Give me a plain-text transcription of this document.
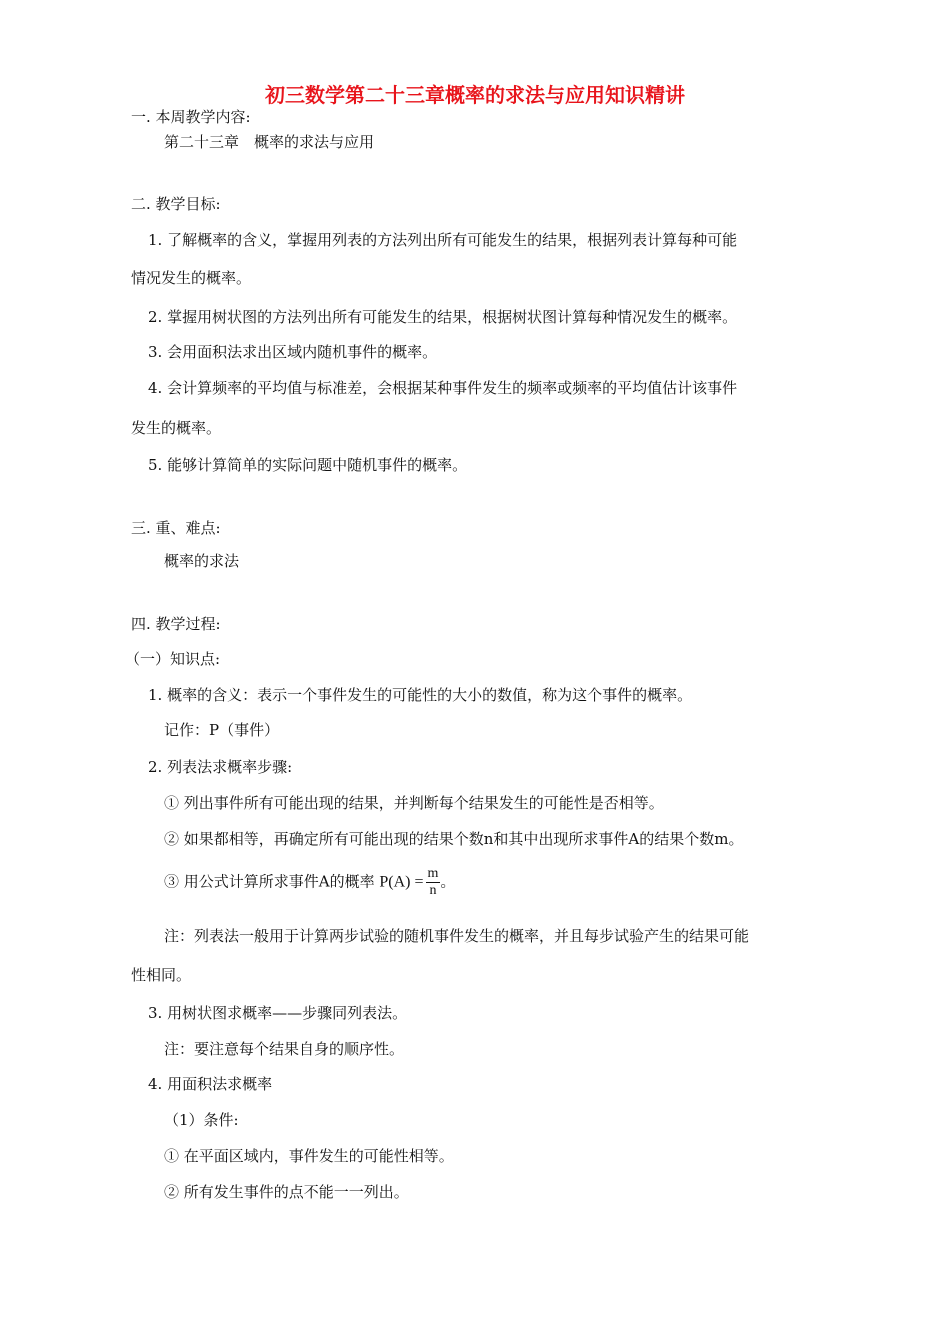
初三数学第二十三章概率的求法与应用知识精讲
一. 本周教学内容:
第二十三章　概率的求法与应用
二. 教学目标:
1. 了解概率的含义，掌握用列表的方法列出所有可能发生的结果，根据列表计算每种可能
情况发生的概率。
2. 掌握用树状图的方法列出所有可能发生的结果，根据树状图计算每种情况发生的概率。
3. 会用面积法求出区域内随机事件的概率。
4. 会计算频率的平均值与标准差，会根据某种事件发生的频率或频率的平均值估计该事件
发生的概率。
5. 能够计算简单的实际问题中随机事件的概率。
三. 重、难点:
概率的求法
四. 教学过程:
（一）知识点:
1. 概率的含义：表示一个事件发生的可能性的大小的数值，称为这个事件的概率。
记作：P（事件）
2. 列表法求概率步骤:
① 列出事件所有可能出现的结果，并判断每个结果发生的可能性是否相等。
② 如果都相等，再确定所有可能出现的结果个数n和其中出现所求事件A的结果个数m。
③ 用公式计算所求事件A的概率 $P(A) = \frac{m}{n}$ 。
注：列表法一般用于计算两步试验的随机事件发生的概率，并且每步试验产生的结果可能
性相同。
3. 用树状图求概率——步骤同列表法。
注：要注意每个结果自身的顺序性。
4. 用面积法求概率
（1）条件:
① 在平面区域内，事件发生的可能性相等。
② 所有发生事件的点不能一一列出。
